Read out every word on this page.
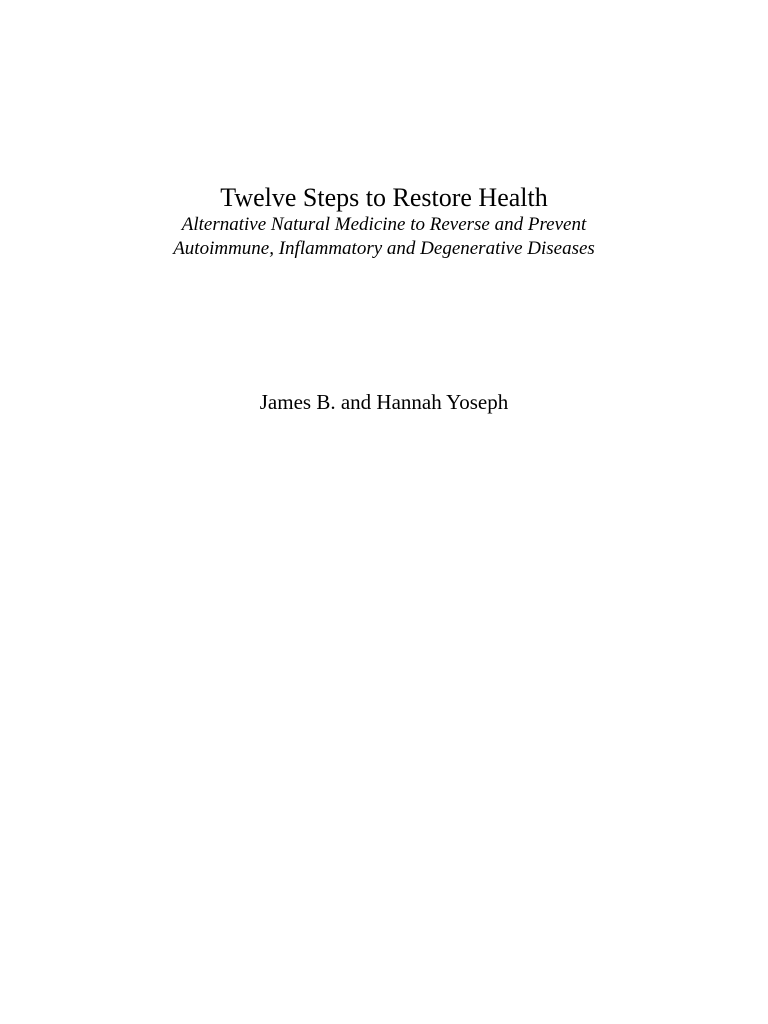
Twelve Steps to Restore Health

Alternative Natural Medicine to Reverse and Prevent

Autoimmune, Inflammatory and Degenerative Diseases

James B. and Hannah Yoseph
